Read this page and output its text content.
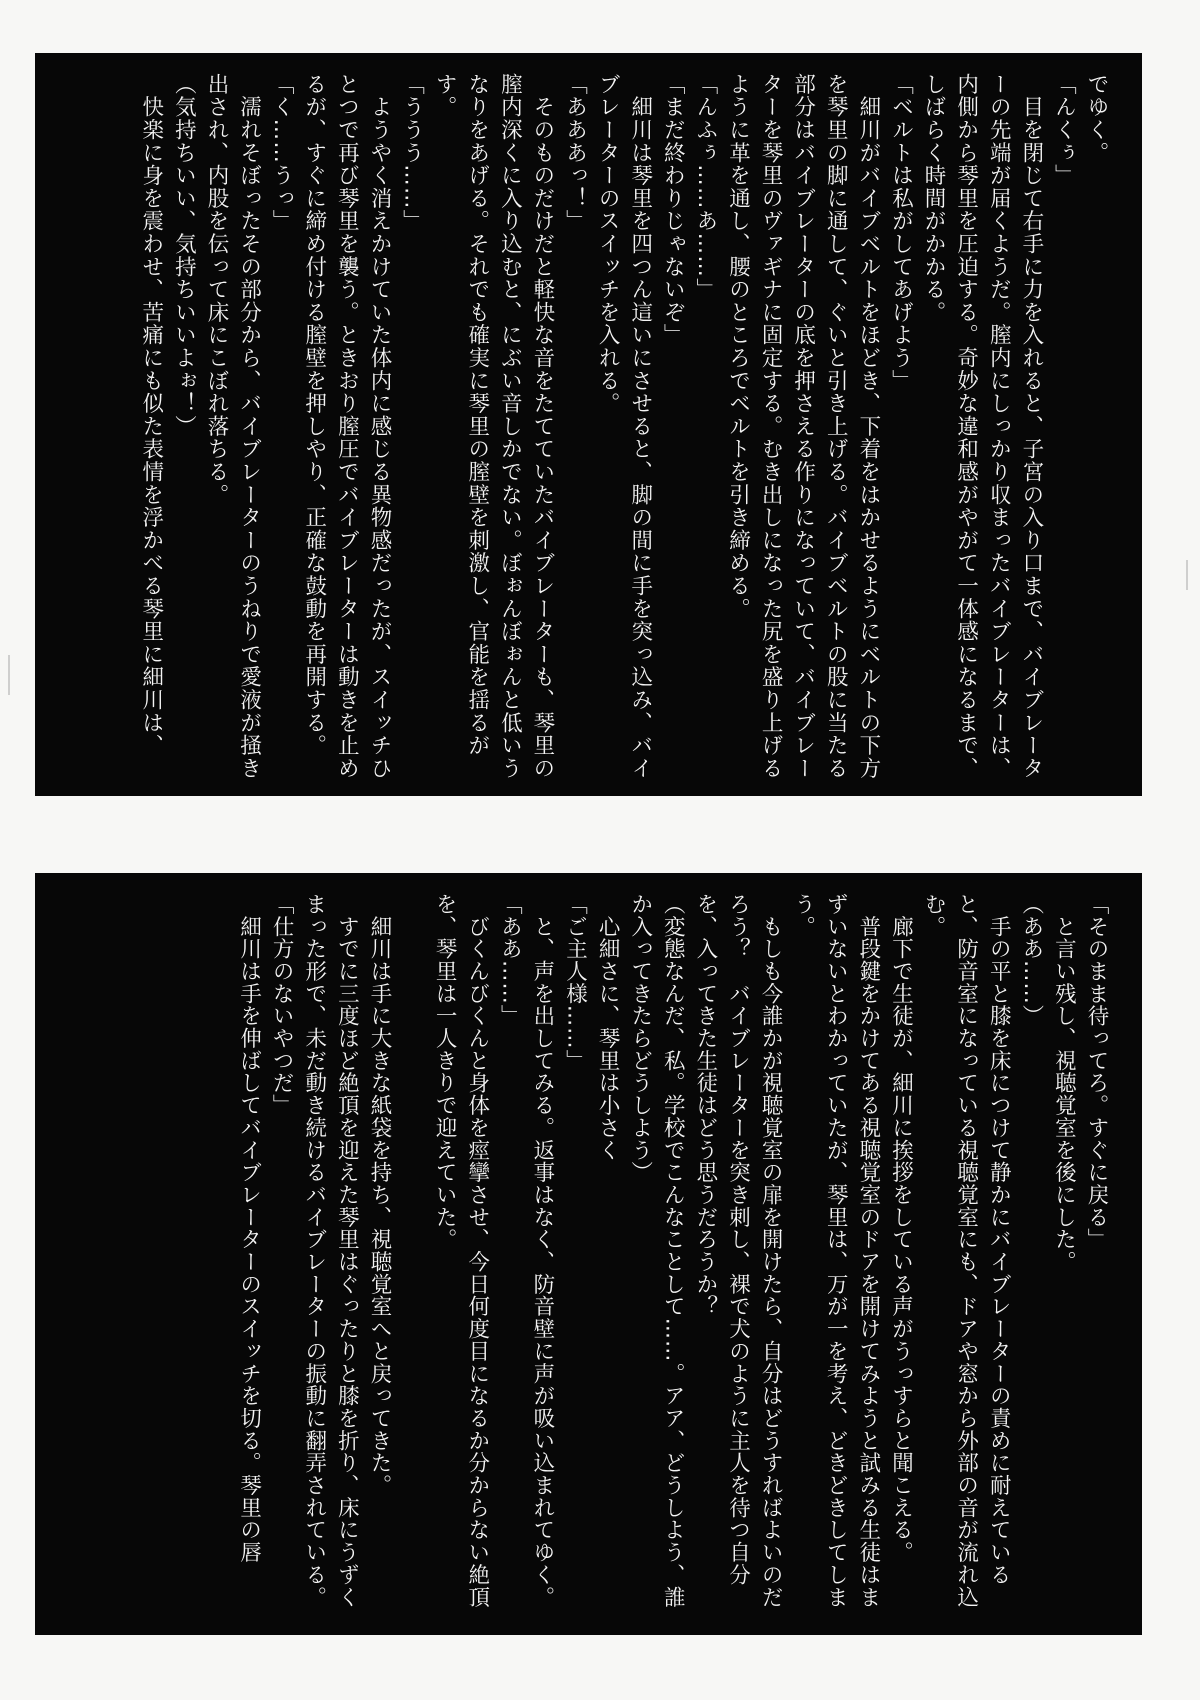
でゆく。
「んくぅ」
　目を閉じて右手に力を入れると、子宮の入り口まで、バイブレーターの先端が届くようだ。膣内にしっかり収まったバイブレーターは、内側から琴里を圧迫する。奇妙な違和感がやがて一体感になるまで、しばらく時間がかかる。
「ベルトは私がしてあげよう」
　細川がバイブベルトをほどき、下着をはかせるようにベルトの下方を琴里の脚に通して、ぐいと引き上げる。バイブベルトの股に当たる部分はバイブレーターの底を押さえる作りになっていて、バイブレーターを琴里のヴァギナに固定する。むき出しになった尻を盛り上げるように革を通し、腰のところでベルトを引き締める。
「んふぅ……あ……」
「まだ終わりじゃないぞ」
　細川は琴里を四つん這いにさせると、脚の間に手を突っ込み、バイブレーターのスイッチを入れる。
「あああっ！」
　そのものだけだと軽快な音をたてていたバイブレーターも、琴里の膣内深くに入り込むと、にぶい音しかでない。ぼぉんぼぉんと低いうなりをあげる。それでも確実に琴里の膣壁を刺激し、官能を揺るがす。
「ううう……」
　ようやく消えかけていた体内に感じる異物感だったが、スイッチひとつで再び琴里を襲う。ときおり膣圧でバイブレーターは動きを止めるが、すぐに締め付ける膣壁を押しやり、正確な鼓動を再開する。
「く……うっ」
　濡れそぼったその部分から、バイブレーターのうねりで愛液が掻き出され、内股を伝って床にこぼれ落ちる。
（気持ちいい、気持ちいいよぉ！）
　快楽に身を震わせ、苦痛にも似た表情を浮かべる琴里に細川は、
「そのまま待ってろ。すぐに戻る」
　と言い残し、視聴覚室を後にした。
（ああ……）
　手の平と膝を床につけて静かにバイブレーターの責めに耐えていると、防音室になっている視聴覚室にも、ドアや窓から外部の音が流れ込む。
　廊下で生徒が、細川に挨拶をしている声がうっすらと聞こえる。
　普段鍵をかけてある視聴覚室のドアを開けてみようと試みる生徒はまずいないとわかっていたが、琴里は、万が一を考え、どきどきしてしまう。
　もしも今誰かが視聴覚室の扉を開けたら、自分はどうすればよいのだろう？　バイブレーターを突き刺し、裸で犬のように主人を待つ自分を、入ってきた生徒はどう思うだろうか？
（変態なんだ、私。学校でこんなことして……。アア、どうしよう、誰か入ってきたらどうしよう）
　心細さに、琴里は小さく
「ご主人様……」
　と、声を出してみる。返事はなく、防音壁に声が吸い込まれてゆく。
「ああ……」
　びくんびくんと身体を痙攣させ、今日何度目になるか分からない絶頂を、琴里は一人きりで迎えていた。

　細川は手に大きな紙袋を持ち、視聴覚室へと戻ってきた。
　すでに三度ほど絶頂を迎えた琴里はぐったりと膝を折り、床にうずくまった形で、未だ動き続けるバイブレーターの振動に翻弄されている。
「仕方のないやつだ」
　細川は手を伸ばしてバイブレーターのスイッチを切る。琴里の唇
